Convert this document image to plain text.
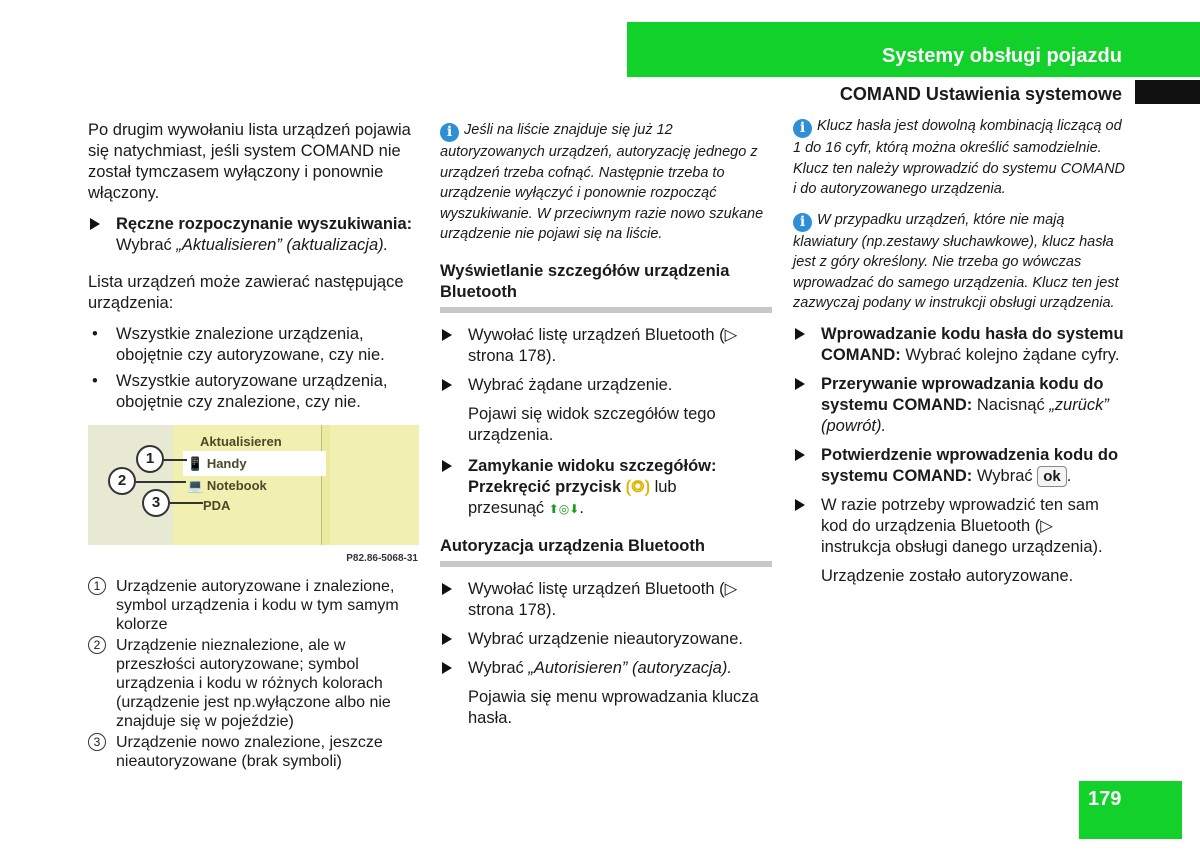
Systemy obsługi pojazdu
COMAND Ustawienia systemowe

Po drugim wywołaniu lista urządzeń pojawia się natychmiast, jeśli system COMAND nie został tymczasem wyłączony i ponownie włączony.

Ręczne rozpoczynanie wyszukiwania: Wybrać „Aktualisieren” (aktualizacja).

Lista urządzeń może zawierać następujące urządzenia:

• Wszystkie znalezione urządzenia, obojętnie czy autoryzowane, czy nie.
• Wszystkie autoryzowane urządzenia, obojętnie czy znalezione, czy nie.
Aktualisieren
📱 Handy
💻 Notebook
PDA
1
2
3
P82.86-5068-31
1 Urządzenie autoryzowane i znalezione, symbol urządzenia i kodu w tym samym kolorze
2 Urządzenie nieznalezione, ale w przeszłości autoryzowane; symbol urządzenia i kodu w różnych kolorach (urządzenie jest np.wyłączone albo nie znajduje się w pojeździe)
3 Urządzenie nowo znalezione, jeszcze nieautoryzowane (brak symboli)

i Jeśli na liście znajduje się już 12 autoryzowanych urządzeń, autoryzację jednego z urządzeń trzeba cofnąć. Następnie trzeba to urządzenie wyłączyć i ponownie rozpocząć wyszukiwanie. W przeciwnym razie nowo szukane urządzenie nie pojawi się na liście.

Wyświetlanie szczegółów urządzenia Bluetooth
Wywołać listę urządzeń Bluetooth (▷ strona 178).
Wybrać żądane urządzenie.

Pojawi się widok szczegółów tego urządzenia.

Zamykanie widoku szczegółów: Przekręcić przycisk ⟮◎⟯ lub
przesunąć ⬆◎⬇.
Autoryzacja urządzenia Bluetooth
Wywołać listę urządzeń Bluetooth (▷ strona 178).
Wybrać urządzenie nieautoryzowane.
Wybrać „Autorisieren” (autoryzacja).

Pojawia się menu wprowadzania klucza hasła.

i Klucz hasła jest dowolną kombinacją liczącą od 1 do 16 cyfr, którą można określić samodzielnie. Klucz ten należy wprowadzić do systemu COMAND i do autoryzowanego urządzenia.

i W przypadku urządzeń, które nie mają klawiatury (np.zestawy słuchawkowe), klucz hasła jest z góry określony. Nie trzeba go wówczas wprowadzać do samego urządzenia. Klucz ten jest zazwyczaj podany w instrukcji obsługi urządzenia.

Wprowadzanie kodu hasła do systemu COMAND: Wybrać kolejno żądane cyfry.
Przerywanie wprowadzania kodu do systemu COMAND: Nacisnąć „zurück” (powrót).
Potwierdzenie wprowadzenia kodu do systemu COMAND: Wybrać ok .
W razie potrzeby wprowadzić ten sam kod do urządzenia Bluetooth (▷ instrukcja obsługi danego urządzenia).

Urządzenie zostało autoryzowane.

179
